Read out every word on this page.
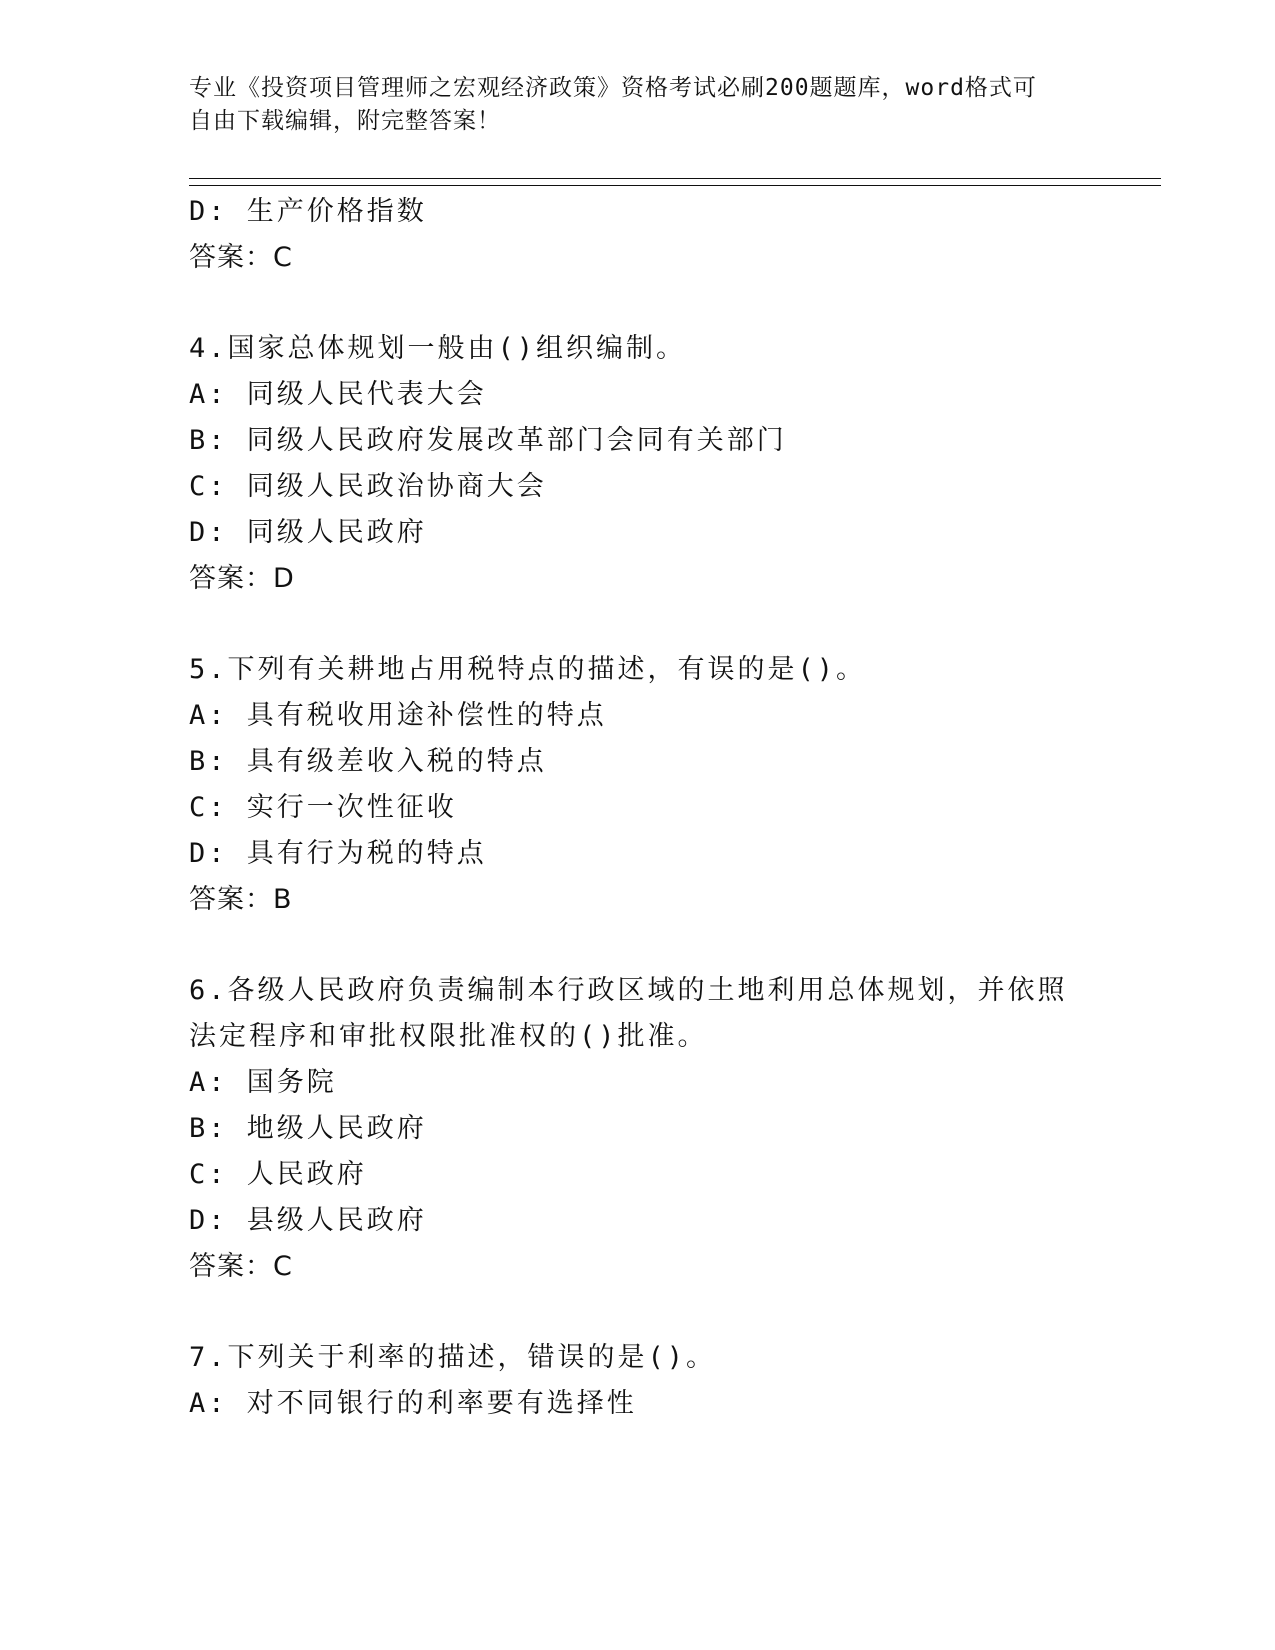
专业《投资项目管理师之宏观经济政策》资格考试必刷200题题库，word格式可
自由下载编辑，附完整答案！
D: 生产价格指数
答案：C
4.国家总体规划一般由()组织编制。
A: 同级人民代表大会
B: 同级人民政府发展改革部门会同有关部门
C: 同级人民政治协商大会
D: 同级人民政府
答案：D
5.下列有关耕地占用税特点的描述，有误的是()。
A: 具有税收用途补偿性的特点
B: 具有级差收入税的特点
C: 实行一次性征收
D: 具有行为税的特点
答案：B
6.各级人民政府负责编制本行政区域的土地利用总体规划，并依照法定程序和审批权限批准权的()批准。
A: 国务院
B: 地级人民政府
C: 人民政府
D: 县级人民政府
答案：C
7.下列关于利率的描述，错误的是()。
A: 对不同银行的利率要有选择性
